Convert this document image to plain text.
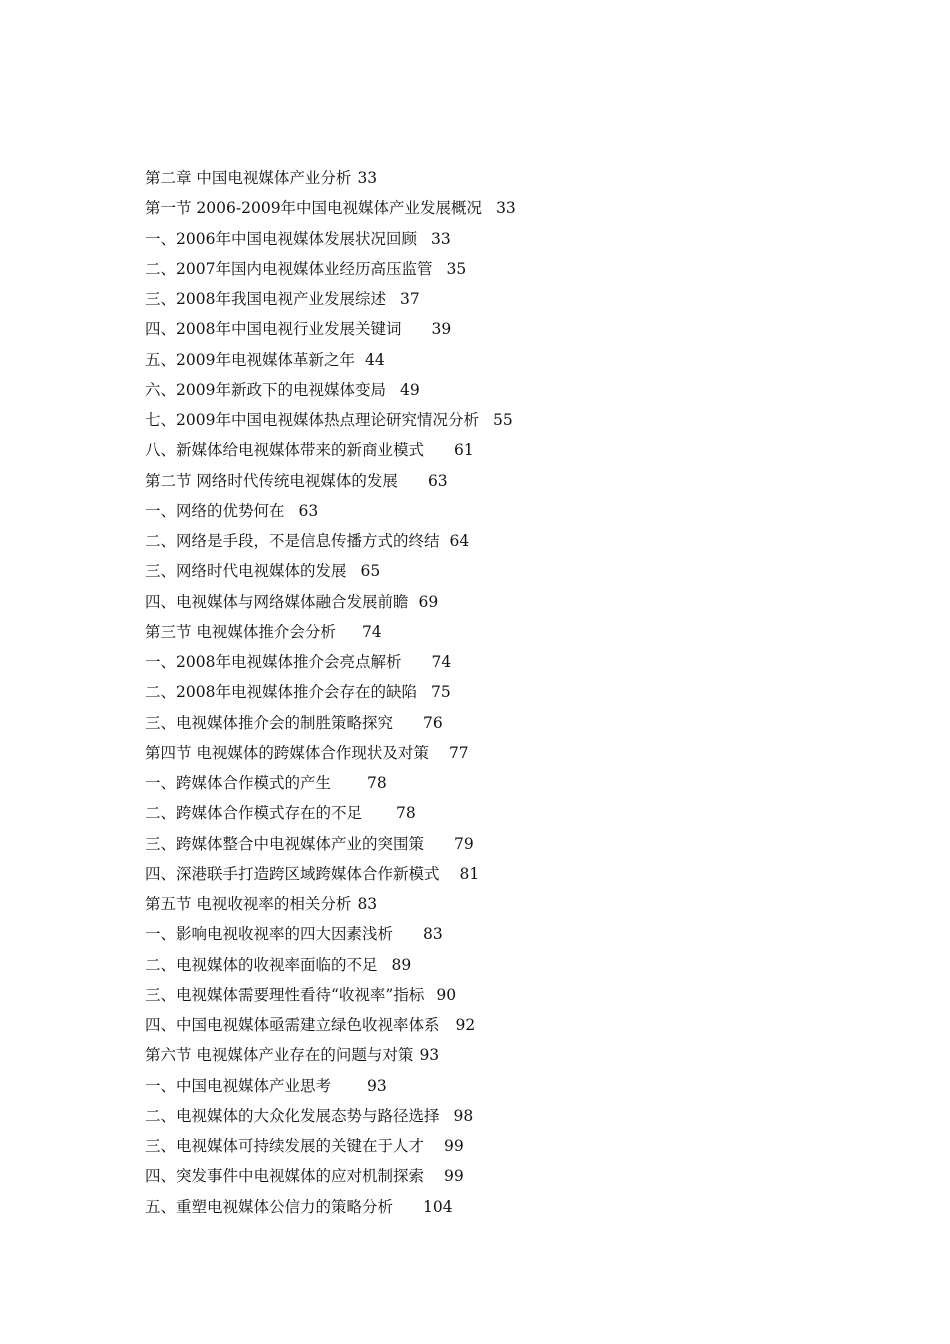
第二章 中国电视媒体产业分析 33
第一节 2006-2009年中国电视媒体产业发展概况 33
一、2006年中国电视媒体发展状况回顾 33
二、2007年国内电视媒体业经历高压监管 35
三、2008年我国电视产业发展综述 37
四、2008年中国电视行业发展关键词 39
五、2009年电视媒体革新之年 44
六、2009年新政下的电视媒体变局 49
七、2009年中国电视媒体热点理论研究情况分析 55
八、新媒体给电视媒体带来的新商业模式 61
第二节 网络时代传统电视媒体的发展 63
一、网络的优势何在 63
二、网络是手段，不是信息传播方式的终结 64
三、网络时代电视媒体的发展 65
四、电视媒体与网络媒体融合发展前瞻 69
第三节 电视媒体推介会分析 74
一、2008年电视媒体推介会亮点解析 74
二、2008年电视媒体推介会存在的缺陷 75
三、电视媒体推介会的制胜策略探究 76
第四节 电视媒体的跨媒体合作现状及对策 77
一、跨媒体合作模式的产生 78
二、跨媒体合作模式存在的不足 78
三、跨媒体整合中电视媒体产业的突围策 79
四、深港联手打造跨区域跨媒体合作新模式 81
第五节 电视收视率的相关分析 83
一、影响电视收视率的四大因素浅析 83
二、电视媒体的收视率面临的不足 89
三、电视媒体需要理性看待“收视率”指标 90
四、中国电视媒体亟需建立绿色收视率体系 92
第六节 电视媒体产业存在的问题与对策 93
一、中国电视媒体产业思考 93
二、电视媒体的大众化发展态势与路径选择 98
三、电视媒体可持续发展的关键在于人才 99
四、突发事件中电视媒体的应对机制探索 99
五、重塑电视媒体公信力的策略分析 104
